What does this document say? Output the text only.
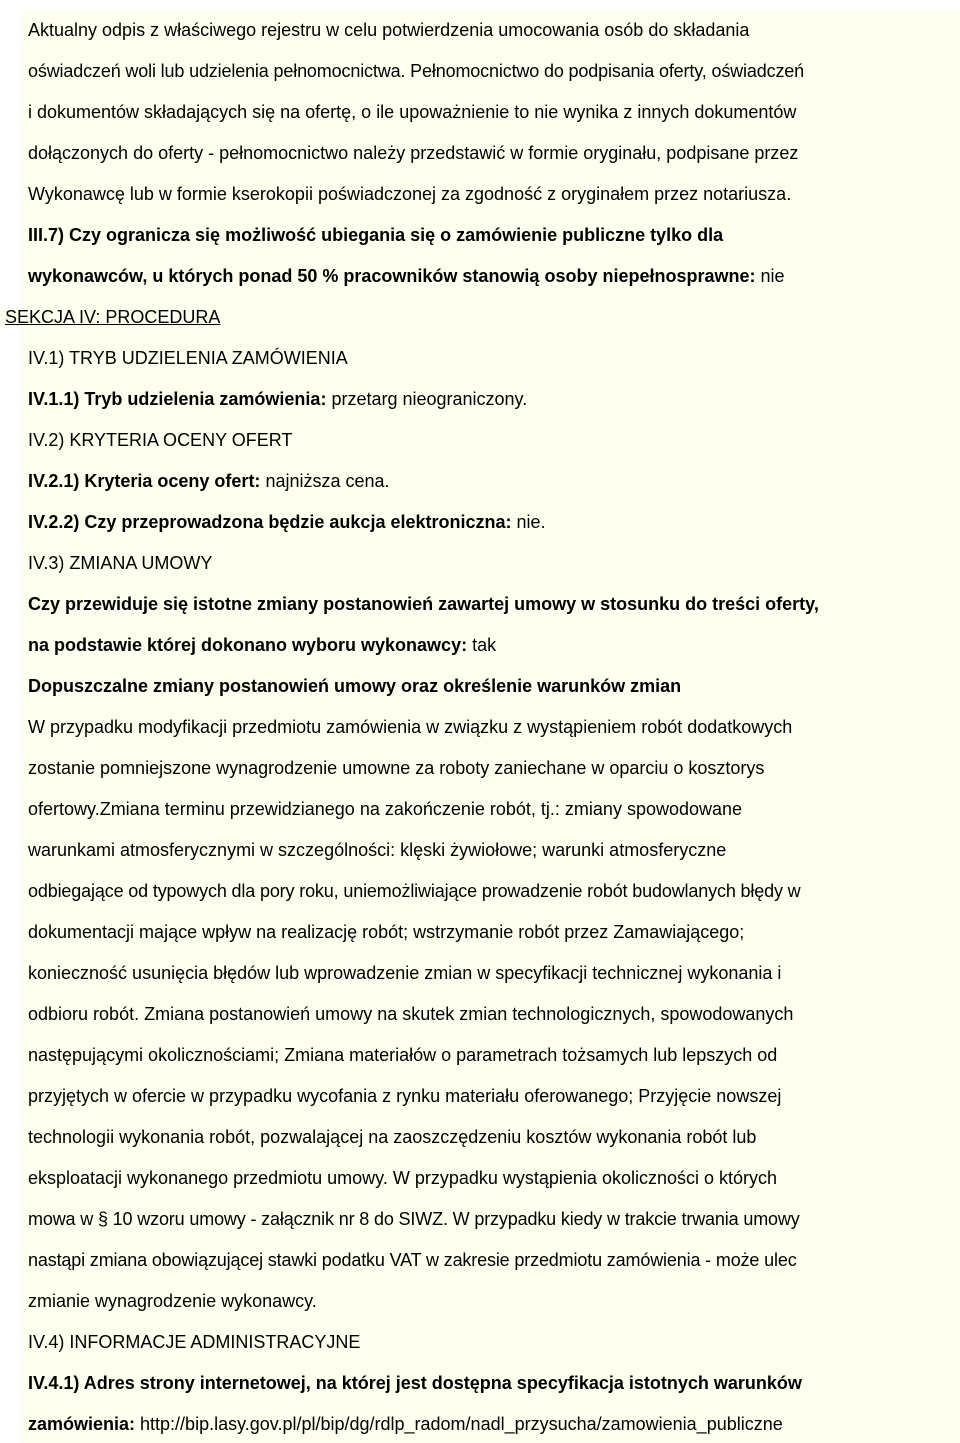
Aktualny odpis z właściwego rejestru w celu potwierdzenia umocowania osób do składania
oświadczeń woli lub udzielenia pełnomocnictwa. Pełnomocnictwo do podpisania oferty, oświadczeń
i dokumentów składających się na ofertę, o ile upoważnienie to nie wynika z innych dokumentów
dołączonych do oferty - pełnomocnictwo należy przedstawić w formie oryginału, podpisane przez
Wykonawcę lub w formie kserokopii poświadczonej za zgodność z oryginałem przez notariusza.
III.7) Czy ogranicza się możliwość ubiegania się o zamówienie publiczne tylko dla
wykonawców, u których ponad 50 % pracowników stanowią osoby niepełnosprawne: nie
SEKCJA IV: PROCEDURA
IV.1) TRYB UDZIELENIA ZAMÓWIENIA
IV.1.1) Tryb udzielenia zamówienia: przetarg nieograniczony.
IV.2) KRYTERIA OCENY OFERT
IV.2.1) Kryteria oceny ofert: najniższa cena.
IV.2.2) Czy przeprowadzona będzie aukcja elektroniczna: nie.
IV.3) ZMIANA UMOWY
Czy przewiduje się istotne zmiany postanowień zawartej umowy w stosunku do treści oferty,
na podstawie której dokonano wyboru wykonawcy: tak
Dopuszczalne zmiany postanowień umowy oraz określenie warunków zmian
W przypadku modyfikacji przedmiotu zamówienia w związku z wystąpieniem robót dodatkowych
zostanie pomniejszone wynagrodzenie umowne za roboty zaniechane w oparciu o kosztorys
ofertowy.Zmiana terminu przewidzianego na zakończenie robót, tj.: zmiany spowodowane
warunkami atmosferycznymi w szczególności: klęski żywiołowe; warunki atmosferyczne
odbiegające od typowych dla pory roku, uniemożliwiające prowadzenie robót budowlanych błędy w
dokumentacji mające wpływ na realizację robót; wstrzymanie robót przez Zamawiającego;
konieczność usunięcia błędów lub wprowadzenie zmian w specyfikacji technicznej wykonania i
odbioru robót. Zmiana postanowień umowy na skutek zmian technologicznych, spowodowanych
następującymi okolicznościami; Zmiana materiałów o parametrach tożsamych lub lepszych od
przyjętych w ofercie w przypadku wycofania z rynku materiału oferowanego; Przyjęcie nowszej
technologii wykonania robót, pozwalającej na zaoszczędzeniu kosztów wykonania robót lub
eksploatacji wykonanego przedmiotu umowy. W przypadku wystąpienia okoliczności o których
mowa w § 10 wzoru umowy - załącznik nr 8 do SIWZ. W przypadku kiedy w trakcie trwania umowy
nastąpi zmiana obowiązującej stawki podatku VAT w zakresie przedmiotu zamówienia - może ulec
zmianie wynagrodzenie wykonawcy.
IV.4) INFORMACJE ADMINISTRACYJNE
IV.4.1) Adres strony internetowej, na której jest dostępna specyfikacja istotnych warunków
zamówienia: http://bip.lasy.gov.pl/pl/bip/dg/rdlp_radom/nadl_przysucha/zamowienia_publiczne
